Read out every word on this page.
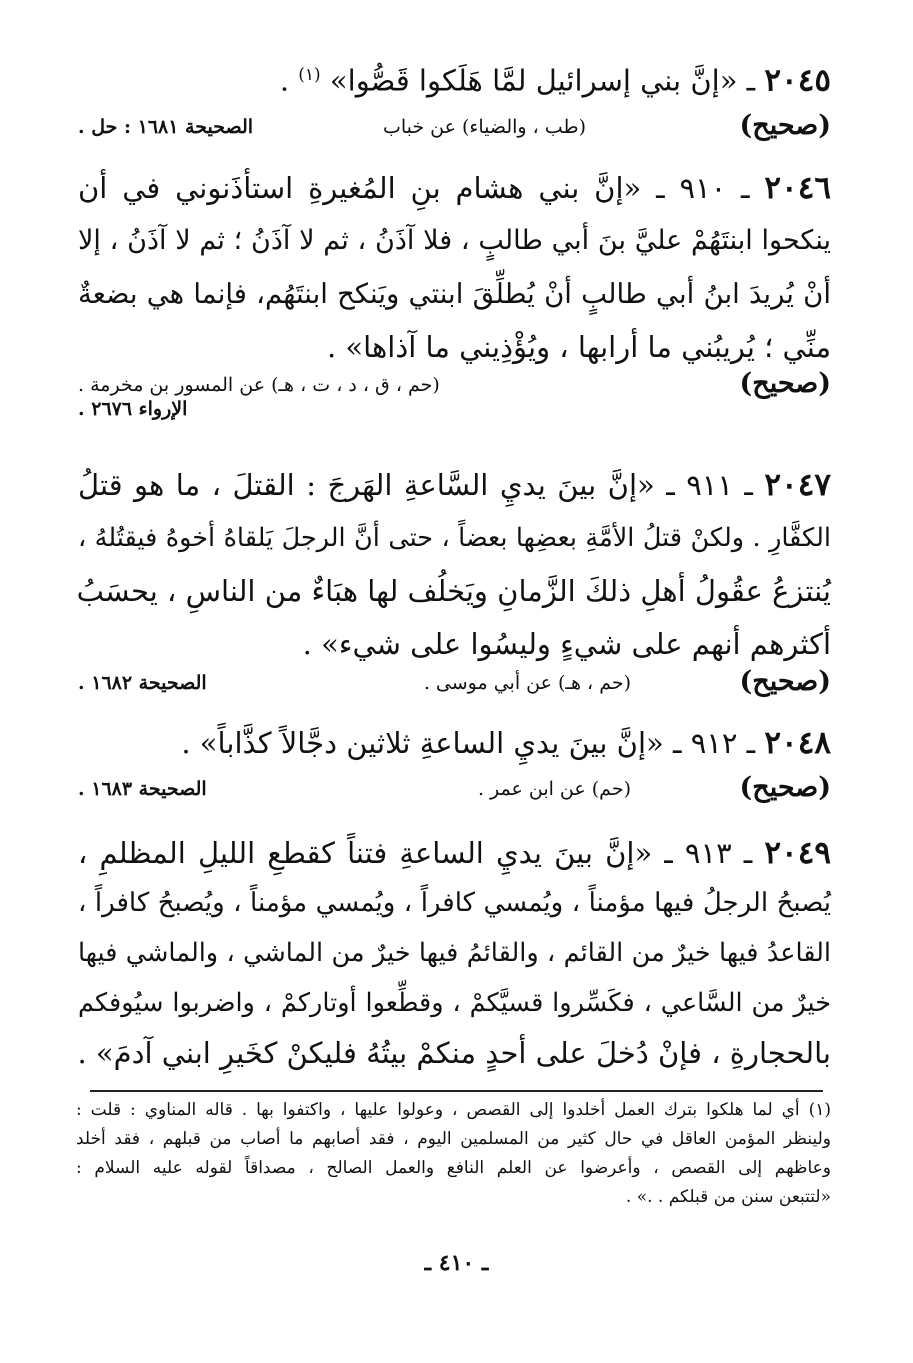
٢٠٤٥ ـ «إنَّ بني إسرائيل لمَّا هَلَكوا قَصُّوا» $^{(١)}$ .
(صحيح)
(طب ، والضياء) عن خباب
الصحيحة ١٦٨١ : حل .
٢٠٤٦ ـ ٩١٠ ـ «إنَّ بني هشام بنِ المُغيرةِ استأذَنوني في أن
ينكحوا ابنتَهُمْ عليَّ بنَ أبي طالبٍ ، فلا آذَنُ ، ثم لا آذَنُ ؛ ثم لا آذَنُ ، إلا
أنْ يُريدَ ابنُ أبي طالبٍ أنْ يُطلِّقَ ابنتي ويَنكح ابنتَهُم، فإنما هي بضعةٌ
منِّي ؛ يُريبُني ما أرابها ، ويُؤْذِيني ما آذاها» .
(صحيح)
(حم ، ق ، د ، ت ، هـ) عن المسور بن مخرمة .
الإرواء ٢٦٧٦ .
٢٠٤٧ ـ ٩١١ ـ «إنَّ بينَ يديِ السَّاعةِ الهَرجَ : القتلَ ، ما هو قتلُ
الكفَّارِ . ولكنْ قتلُ الأمَّةِ بعضِها بعضاً ، حتى أنَّ الرجلَ يَلقاهُ أخوهُ فيقتُلهُ ،
يُنتزعُ عقُولُ أهلِ ذلكَ الزَّمانِ ويَخلُف لها هبَاءٌ من الناسِ ، يحسَبُ
أكثرهم أنهم على شيءٍ وليسُوا على شيء» .
(صحيح)
(حم ، هـ) عن أبي موسى .
الصحيحة ١٦٨٢ .
٢٠٤٨ ـ ٩١٢ ـ «إنَّ بينَ يديِ الساعةِ ثلاثين دجَّالاً كذَّاباً» .
(صحيح)
(حم) عن ابن عمر .
الصحيحة ١٦٨٣ .
٢٠٤٩ ـ ٩١٣ ـ «إنَّ بينَ يديِ الساعةِ فتناً كقطعِ الليلِ المظلمِ ،
يُصبحُ الرجلُ فيها مؤمناً ، ويُمسي كافراً ، ويُمسي مؤمناً ، ويُصبحُ كافراً ،
القاعدُ فيها خيرٌ من القائم ، والقائمُ فيها خيرٌ من الماشي ، والماشي فيها
خيرٌ من السَّاعي ، فكَسِّروا قسيَّكمْ ، وقطِّعوا أوتاركمْ ، واضربوا سيُوفكم
بالحجارةِ ، فإنْ دُخلَ على أحدٍ منكمْ بيتُهُ فليكنْ كخَيرِ ابني آدمَ» .
(١) أي لما هلكوا بترك العمل أخلدوا إلى القصص ، وعولوا عليها ، واكتفوا بها . قاله المناوي : قلت :
ولينظر المؤمن العاقل في حال كثير من المسلمين اليوم ، فقد أصابهم ما أصاب من قبلهم ، فقد أخلد
وعاظهم إلى القصص ، وأعرضوا عن العلم النافع والعمل الصالح ، مصداقاً لقوله عليه السلام :
«لتتبعن سنن من قبلكم . .» .
ـ ٤١٠ ـ
